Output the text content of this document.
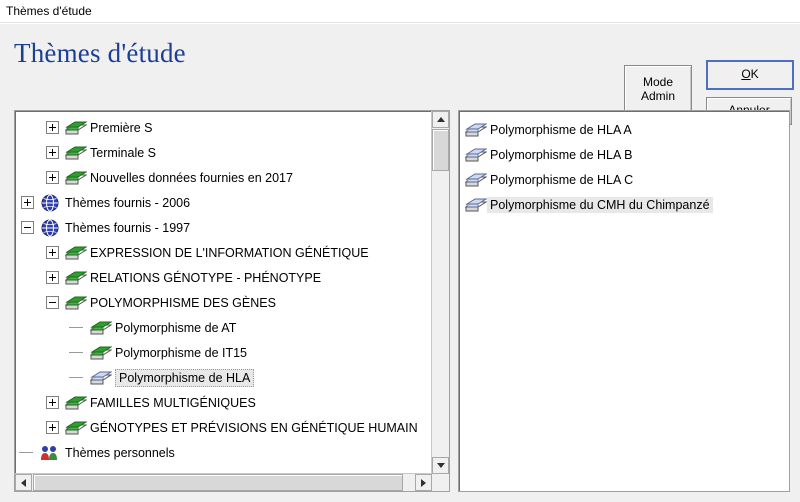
Thèmes d'étude
Thèmes d'étude
Mode
Admin
OK
Première S
Terminale S
Nouvelles données fournies en 2017
Thèmes fournis - 2006
Thèmes fournis - 1997
EXPRESSION DE L'INFORMATION GÉNÉTIQUE
RELATIONS GÉNOTYPE - PHÉNOTYPE
POLYMORPHISME DES GÈNES
Polymorphisme de AT
Polymorphisme de IT15
Polymorphisme de HLA
FAMILLES MULTIGÉNIQUES
GÉNOTYPES ET PRÉVISIONS EN GÉNÉTIQUE HUMAIN
Thèmes personnels
Polymorphisme de HLA A
Polymorphisme de HLA B
Polymorphisme de HLA C
Polymorphisme du CMH du Chimpanzé
